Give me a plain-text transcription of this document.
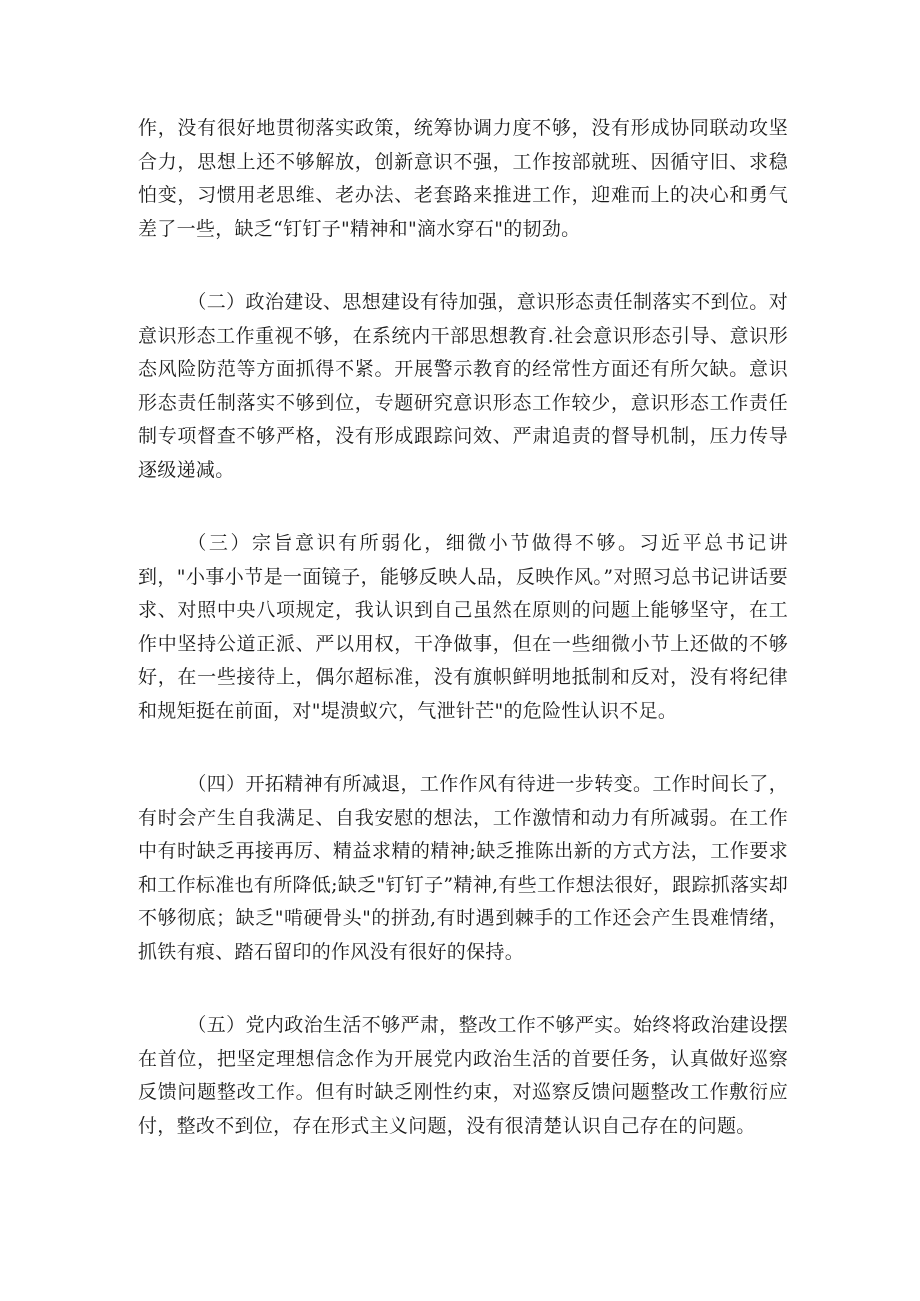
作，没有很好地贯彻落实政策，统筹协调力度不够，没有形成协同联动攻坚合力，思想上还不够解放，创新意识不强，工作按部就班、因循守旧、求稳怕变，习惯用老思维、老办法、老套路来推进工作，迎难而上的决心和勇气差了一些，缺乏“钉钉子"精神和"滴水穿石"的韧劲。

（二）政治建设、思想建设有待加强，意识形态责任制落实不到位。对意识形态工作重视不够，在系统内干部思想教育.社会意识形态引导、意识形态风险防范等方面抓得不紧。开展警示教育的经常性方面还有所欠缺。意识形态责任制落实不够到位，专题研究意识形态工作较少，意识形态工作责任制专项督查不够严格，没有形成跟踪问效、严肃追责的督导机制，压力传导逐级递减。

（三）宗旨意识有所弱化，细微小节做得不够。习近平总书记讲到，"小事小节是一面镜子，能够反映人品，反映作风。”对照习总书记讲话要求、对照中央八项规定，我认识到自己虽然在原则的问题上能够坚守，在工作中坚持公道正派、严以用权，干净做事，但在一些细微小节上还做的不够好，在一些接待上，偶尔超标准，没有旗帜鲜明地抵制和反对，没有将纪律和规矩挺在前面，对"堤溃蚁穴，气泄针芒"的危险性认识不足。

（四）开拓精神有所减退，工作作风有待进一步转变。工作时间长了，有时会产生自我满足、自我安慰的想法，工作激情和动力有所减弱。在工作中有时缺乏再接再厉、精益求精的精神;缺乏推陈出新的方式方法，工作要求和工作标准也有所降低;缺乏"钉钉子”精神,有些工作想法很好，跟踪抓落实却不够彻底；缺乏"啃硬骨头"的拼劲,有时遇到棘手的工作还会产生畏难情绪，抓铁有痕、踏石留印的作风没有很好的保持。

（五）党内政治生活不够严肃，整改工作不够严实。始终将政治建设摆在首位，把坚定理想信念作为开展党内政治生活的首要任务，认真做好巡察反馈问题整改工作。但有时缺乏刚性约束，对巡察反馈问题整改工作敷衍应付，整改不到位，存在形式主义问题，没有很清楚认识自己存在的问题。
